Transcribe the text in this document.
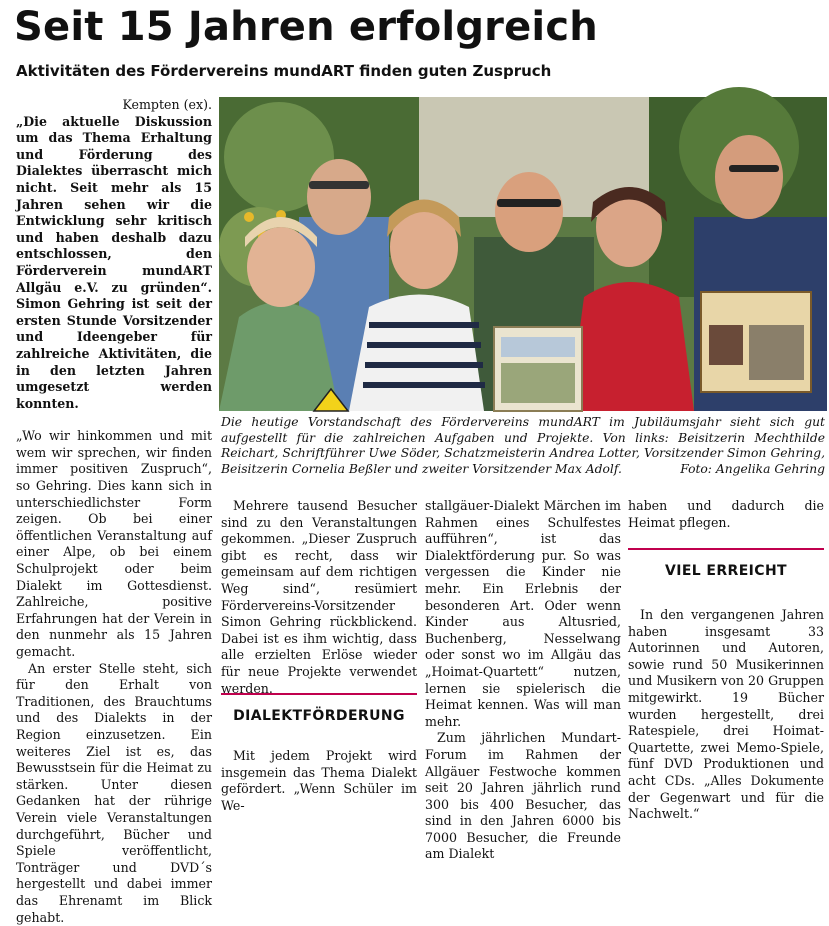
Seit 15 Jahren erfolgreich
Aktivitäten des Fördervereins mundART finden guten Zuspruch
Kempten (ex).

„Die aktuelle Diskussion um das Thema Erhaltung und Förderung des Dialektes überrascht mich nicht. Seit mehr als 15 Jahren sehen wir die Entwicklung sehr kritisch und haben deshalb dazu entschlossen, den Förderverein mundART Allgäu e.V. zu gründen“. Simon Gehring ist seit der ersten Stunde Vorsitzender und Ideengeber für zahlreiche Aktivitäten, die in den letzten Jahren umgesetzt werden konnten.

„Wo wir hinkommen und mit wem wir sprechen, wir finden immer positiven Zuspruch“, so Gehring. Dies kann sich in unterschiedlichster Form zeigen. Ob bei einer öffentlichen Veranstaltung auf einer Alpe, ob bei einem Schulprojekt oder beim Dialekt im Gottesdienst. Zahlreiche, positive Erfahrungen hat der Verein in den nunmehr als 15 Jahren gemacht.

An erster Stelle steht, sich für den Erhalt von Traditionen, des Brauchtums und des Dialekts in der Region einzusetzen. Ein weiteres Ziel ist es, das Bewusstsein für die Heimat zu stärken. Unter diesen Gedanken hat der rührige Verein viele Veranstaltungen durchgeführt, Bücher und Spiele veröffentlicht, Tonträger und DVD´s hergestellt und dabei immer das Ehrenamt im Blick gehabt.

Die heutige Vorstandschaft des Fördervereins mundART im Jubiläumsjahr sieht sich gut aufgestellt für die zahlreichen Aufgaben und Projekte. Von links: Beisitzerin Mechthilde Reichart, Schriftführer Uwe Söder, Schatzmeisterin Andrea Lotter, Vorsitzender Simon Gehring, Beisitzerin Cornelia Beßler und zweiter Vorsitzender Max Adolf.	Foto: Angelika Gehring

Mehrere tausend Besucher sind zu den Veranstaltungen gekommen. „Dieser Zuspruch gibt es recht, dass wir gemeinsam auf dem richtigen Weg sind“, resümiert Fördervereins-Vorsitzender Simon Gehring rückblickend. Dabei ist es ihm wichtig, dass alle erzielten Erlöse wieder für neue Projekte verwendet werden.

DIALEKTFÖRDERUNG

Mit jedem Projekt wird insgemein das Thema Dialekt gefördert. „Wenn Schüler im We-

stallgäuer-Dialekt Märchen im Rahmen eines Schulfestes aufführen“, ist das Dialektförderung pur. So was vergessen die Kinder nie mehr. Ein Erlebnis der besonderen Art. Oder wenn Kinder aus Altusried, Buchenberg, Nesselwang oder sonst wo im Allgäu das „Hoimat-Quartett“ nutzen, lernen sie spielerisch die Heimat kennen. Was will man mehr.

Zum jährlichen Mundart-Forum im Rahmen der Allgäuer Festwoche kommen seit 20 Jahren jährlich rund 300 bis 400 Besucher, das sind in den Jahren 6000 bis 7000 Besucher, die Freunde am Dialekt

haben und dadurch die Heimat pflegen.

VIEL ERREICHT

In den vergangenen Jahren haben insgesamt 33 Autorinnen und Autoren, sowie rund 50 Musikerinnen und Musikern von 20 Gruppen mitgewirkt. 19 Bücher wurden hergestellt, drei Ratespiele, drei Hoimat-Quartette, zwei Memo-Spiele, fünf DVD Produktionen und acht CDs. „Alles Dokumente der Gegenwart und für die Nachwelt.“
